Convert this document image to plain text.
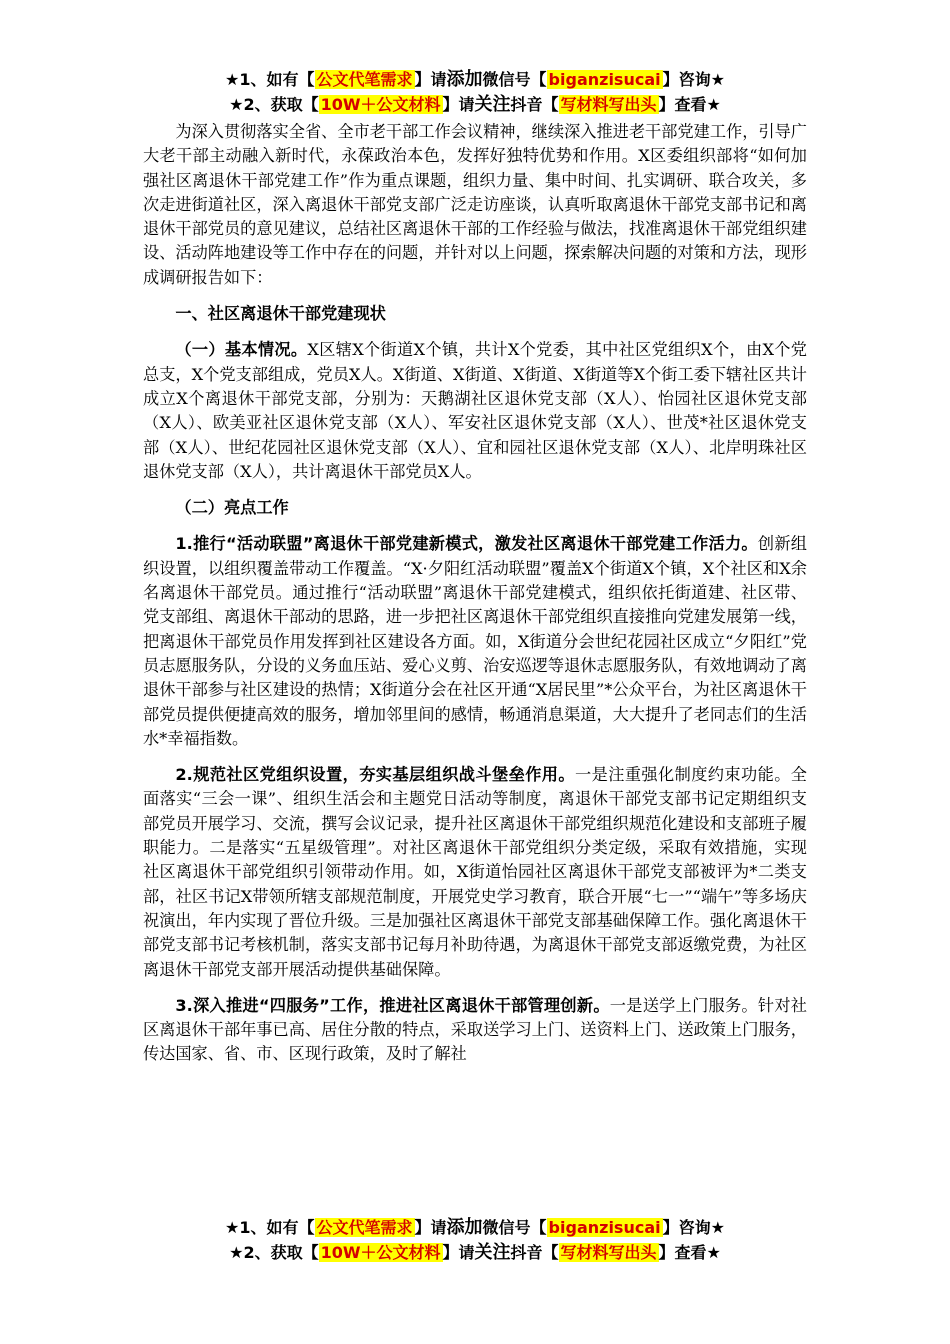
★1、如有【 公文代笔需求 】请添加微信号【 biganzisucai 】咨询★
★2、获取【 10W＋公文材料 】请关注抖音【 写材料写出头 】查看★

为深入贯彻落实全省、全市老干部工作会议精神，继续深入推进老干部党建工作，引导广大老干部主动融入新时代，永葆政治本色，发挥好独特优势和作用。X区委组织部将“如何加强社区离退休干部党建工作”作为重点课题，组织力量、集中时间、扎实调研、联合攻关，多次走进街道社区，深入离退休干部党支部广泛走访座谈，认真听取离退休干部党支部书记和离退休干部党员的意见建议，总结社区离退休干部的工作经验与做法，找准离退休干部党组织建设、活动阵地建设等工作中存在的问题，并针对以上问题，探索解决问题的对策和方法，现形成调研报告如下：

一、社区离退休干部党建现状

（一）基本情况。X区辖X个街道X个镇，共计X个党委，其中社区党组织X个，由X个党总支，X个党支部组成，党员X人。X街道、X街道、X街道、X街道等X个街工委下辖社区共计成立X个离退休干部党支部，分别为：天鹅湖社区退休党支部（X人）、怡园社区退休党支部（X人）、欧美亚社区退休党支部（X人）、军安社区退休党支部（X人）、世茂*社区退休党支部（X人）、世纪花园社区退休党支部（X人）、宜和园社区退休党支部（X人）、北岸明珠社区退休党支部（X人），共计离退休干部党员X人。

（二）亮点工作

1.推行“活动联盟”离退休干部党建新模式，激发社区离退休干部党建工作活力。创新组织设置，以组织覆盖带动工作覆盖。“X·夕阳红活动联盟”覆盖X个街道X个镇，X个社区和X余名离退休干部党员。通过推行“活动联盟”离退休干部党建模式，组织依托街道建、社区带、党支部组、离退休干部动的思路，进一步把社区离退休干部党组织直接推向党建发展第一线，把离退休干部党员作用发挥到社区建设各方面。如，X街道分会世纪花园社区成立“夕阳红”党员志愿服务队，分设的义务血压站、爱心义剪、治安巡逻等退休志愿服务队，有效地调动了离退休干部参与社区建设的热情；X街道分会在社区开通“X居民里”*公众平台，为社区离退休干部党员提供便捷高效的服务，增加邻里间的感情，畅通消息渠道，大大提升了老同志们的生活水*幸福指数。

2.规范社区党组织设置，夯实基层组织战斗堡垒作用。一是注重强化制度约束功能。全面落实“三会一课”、组织生活会和主题党日活动等制度，离退休干部党支部书记定期组织支部党员开展学习、交流，撰写会议记录，提升社区离退休干部党组织规范化建设和支部班子履职能力。二是落实“五星级管理”。对社区离退休干部党组织分类定级，采取有效措施，实现社区离退休干部党组织引领带动作用。如，X街道怡园社区离退休干部党支部被评为*二类支部，社区书记X带领所辖支部规范制度，开展党史学习教育，联合开展“七一”“端午”等多场庆祝演出，年内实现了晋位升级。三是加强社区离退休干部党支部基础保障工作。强化离退休干部党支部书记考核机制，落实支部书记每月补助待遇，为离退休干部党支部返缴党费，为社区离退休干部党支部开展活动提供基础保障。

3.深入推进“四服务”工作，推进社区离退休干部管理创新。一是送学上门服务。针对社区离退休干部年事已高、居住分散的特点，采取送学习上门、送资料上门、送政策上门服务，传达国家、省、市、区现行政策，及时了解社

★1、如有【 公文代笔需求 】请添加微信号【 biganzisucai 】咨询★
★2、获取【 10W＋公文材料 】请关注抖音【 写材料写出头 】查看★
